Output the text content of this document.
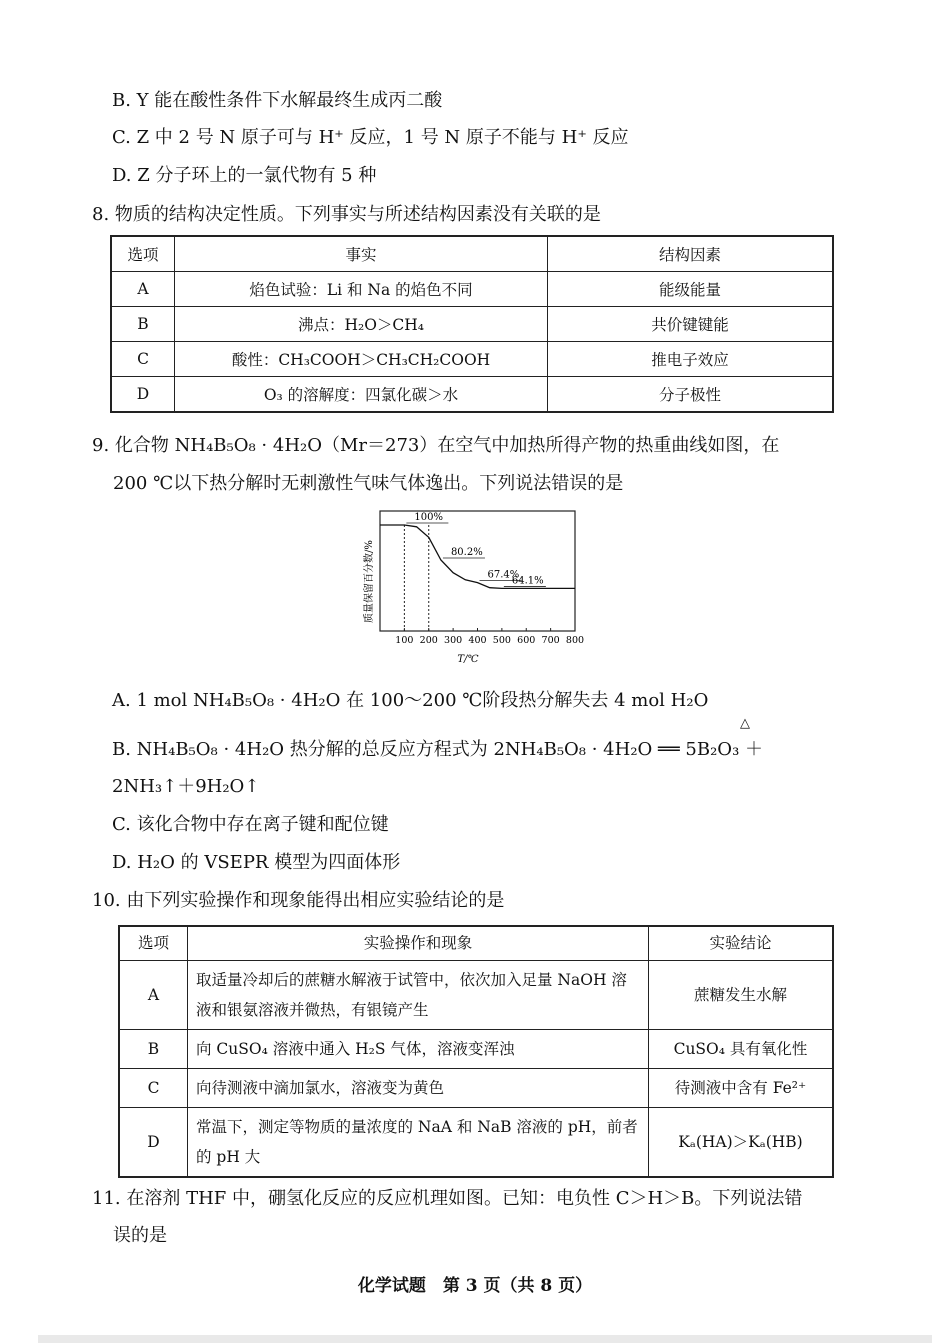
B. Y 能在酸性条件下水解最终生成丙二酸
C. Z 中 2 号 N 原子可与 H⁺ 反应，1 号 N 原子不能与 H⁺ 反应
D. Z 分子环上的一氯代物有 5 种
8. 物质的结构决定性质。下列事实与所述结构因素没有关联的是
选项	事实	结构因素
A	焰色试验：Li 和 Na 的焰色不同	能级能量
B	沸点：H₂O＞CH₄	共价键键能
C	酸性：CH₃COOH＞CH₃CH₂COOH	推电子效应
D	O₃ 的溶解度：四氯化碳＞水	分子极性
9. 化合物 NH₄B₅O₈ · 4H₂O（Mr＝273）在空气中加热所得产物的热重曲线如图，在
200 ℃以下热分解时无刺激性气味气体逸出。下列说法错误的是
质量保留百分数/%
100 200 300 400 500 600 700 800
100%
80.2%
67.4%
64.1%
T/℃
A. 1 mol NH₄B₅O₈ · 4H₂O 在 100～200 ℃阶段热分解失去 4 mol H₂O
B. NH₄B₅O₈ · 4H₂O 热分解的总反应方程式为 2NH₄B₅O₈ · 4H₂O ══ 5B₂O₃ ＋
△
2NH₃↑＋9H₂O↑
C. 该化合物中存在离子键和配位键
D. H₂O 的 VSEPR 模型为四面体形
10. 由下列实验操作和现象能得出相应实验结论的是
选项	实验操作和现象	实验结论
A	取适量冷却后的蔗糖水解液于试管中，依次加入足量 NaOH 溶液和银氨溶液并微热，有银镜产生	蔗糖发生水解
B	向 CuSO₄ 溶液中通入 H₂S 气体，溶液变浑浊	CuSO₄ 具有氧化性
C	向待测液中滴加氯水，溶液变为黄色	待测液中含有 Fe²⁺
D	常温下，测定等物质的量浓度的 NaA 和 NaB 溶液的 pH，前者的 pH 大	Kₐ(HA)＞Kₐ(HB)
11. 在溶剂 THF 中，硼氢化反应的反应机理如图。已知：电负性 C＞H＞B。下列说法错
误的是
化学试题　第 3 页（共 8 页）
